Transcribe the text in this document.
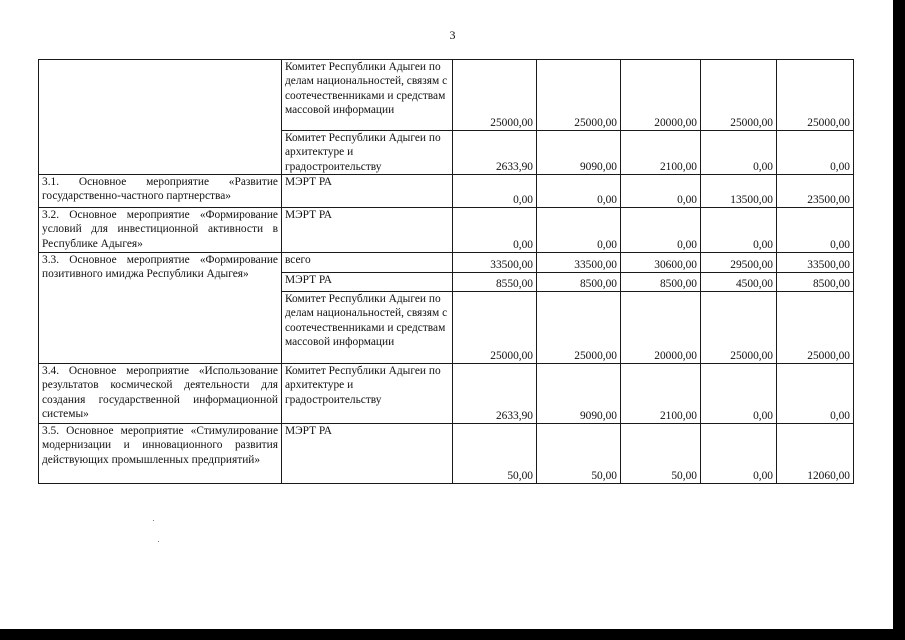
3
	Комитет Республики Адыгеи по делам национальностей, связям с соотечественниками и средствам массовой информации	25000,00	25000,00	20000,00	25000,00	25000,00
	Комитет Республики Адыгеи по архитектуре и градостроительству	2633,90	9090,00	2100,00	0,00	0,00
3.1. Основное мероприятие «Развитие государственно-частного партнерства»	МЭРТ РА	0,00	0,00	0,00	13500,00	23500,00
3.2. Основное мероприятие «Формирование условий для инвестиционной активности в Республике Адыгея»	МЭРТ РА	0,00	0,00	0,00	0,00	0,00
3.3. Основное мероприятие «Формирование позитивного имиджа Республики Адыгея»	всего	33500,00	33500,00	30600,00	29500,00	33500,00
	МЭРТ РА	8550,00	8500,00	8500,00	4500,00	8500,00
	Комитет Республики Адыгеи по делам национальностей, связям с соотечественниками и средствам массовой информации	25000,00	25000,00	20000,00	25000,00	25000,00
3.4. Основное мероприятие «Использование результатов космической деятельности для создания государственной информационной системы»	Комитет Республики Адыгеи по архитектуре и градостроительству	2633,90	9090,00	2100,00	0,00	0,00
3.5. Основное мероприятие «Стимулирование модернизации и инновационного развития действующих промышленных предприятий»	МЭРТ РА	50,00	50,00	50,00	0,00	12060,00
